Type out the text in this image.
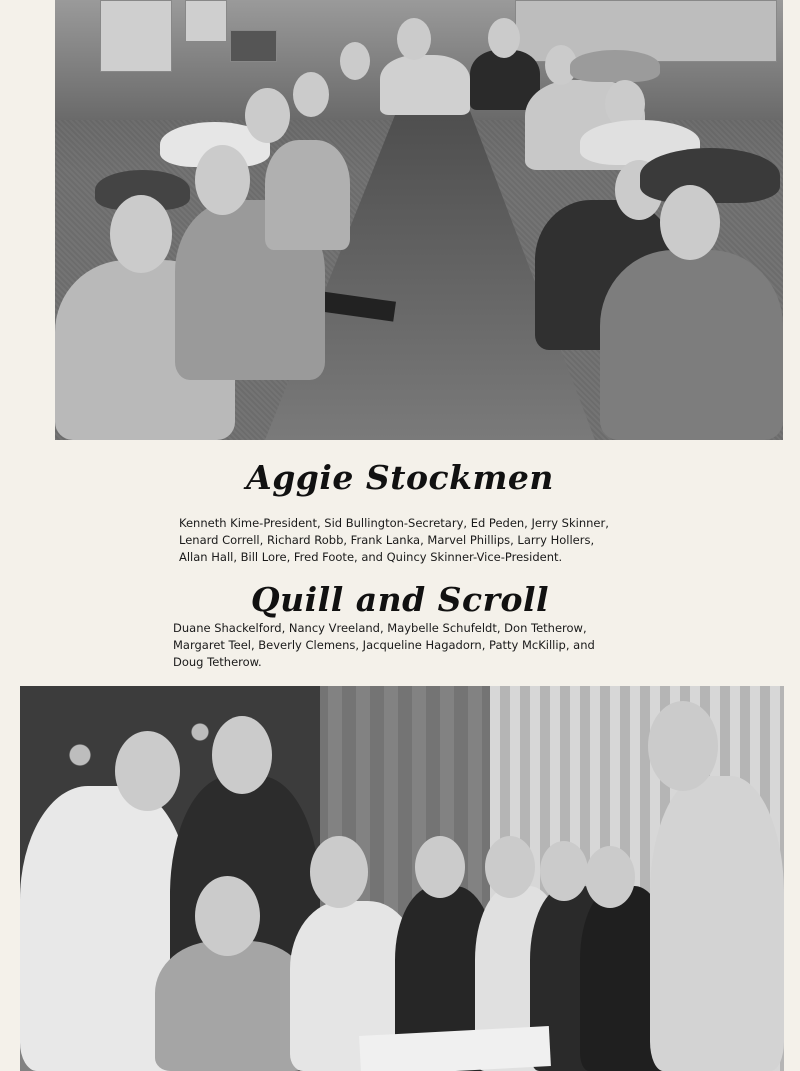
Aggie Stockmen
Kenneth Kime-President, Sid Bullington-Secretary, Ed Peden, Jerry Skinner,
Lenard Correll, Richard Robb, Frank Lanka, Marvel Phillips, Larry Hollers,
Allan Hall, Bill Lore, Fred Foote, and Quincy Skinner-Vice-President.
Quill and Scroll
Duane Shackelford, Nancy Vreeland, Maybelle Schufeldt, Don Tetherow,
Margaret Teel, Beverly Clemens, Jacqueline Hagadorn, Patty McKillip, and
Doug Tetherow.
